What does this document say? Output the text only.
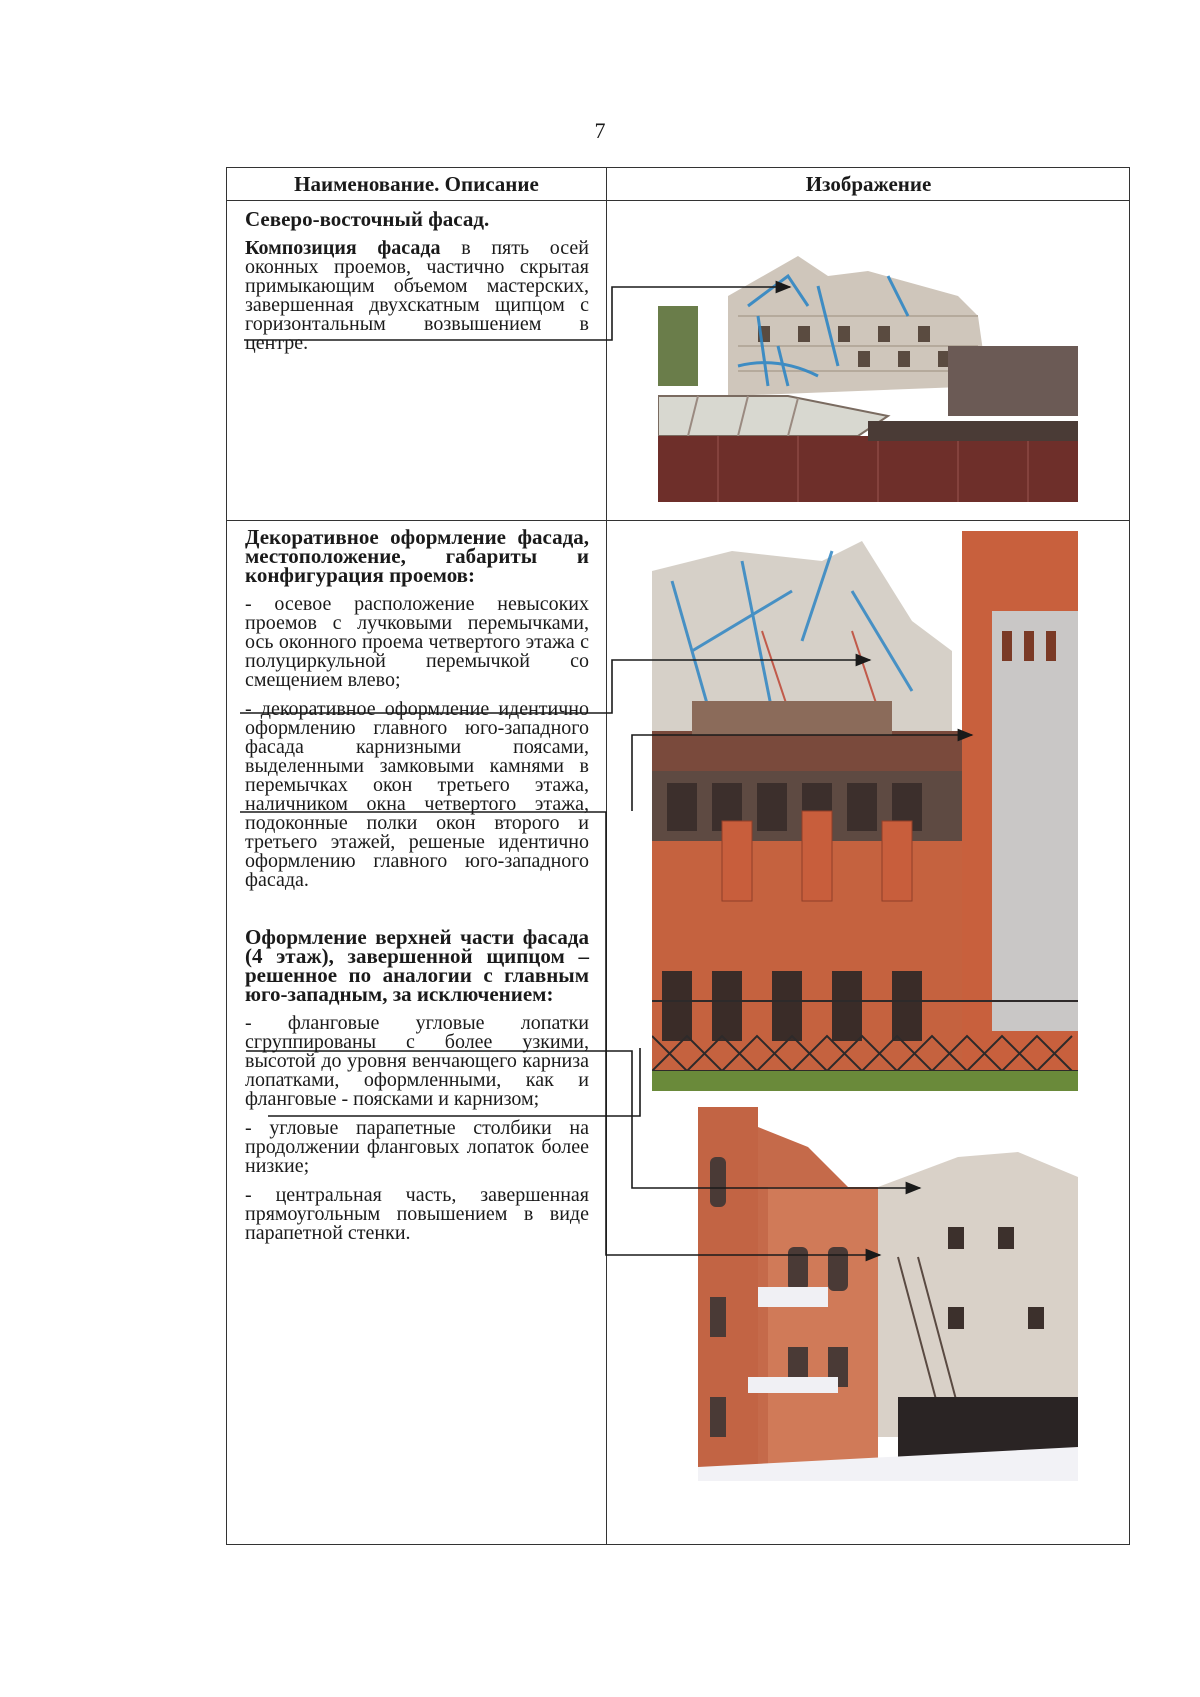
7
Наименование. Описание	Изображение

Северо-восточный фасад.

Композиция фасада в пять осей оконных проемов, частично скрытая примыкающим объемом мастерских, завершенная двухскатным щипцом с горизонтальным возвышением в центре.

Декоративное оформление фасада, местоположение, габариты и конфигурация проемов:

- осевое расположение невысоких проемов с лучковыми перемычками, ось оконного проема четвертого этажа с полуциркульной перемычкой со смещением влево;

- декоративное оформление идентично оформлению главного юго-западного фасада карнизными поясами, выделенными замковыми камнями в перемычках окон третьего этажа, наличником окна четвертого этажа, подоконные полки окон второго и третьего этажей, решеные идентично оформлению главного юго-западного фасада.

Оформление верхней части фасада (4 этаж), завершенной щипцом – решенное по аналогии с главным юго-западным, за исключением:

- фланговые угловые лопатки сгруппированы с более узкими, высотой до уровня венчающего карниза лопатками, оформленными, как и фланговые - поясками и карнизом;

- угловые парапетные столбики на продолжении фланговых лопаток более низкие;

- центральная часть, завершенная прямоугольным повышением в виде парапетной стенки.
